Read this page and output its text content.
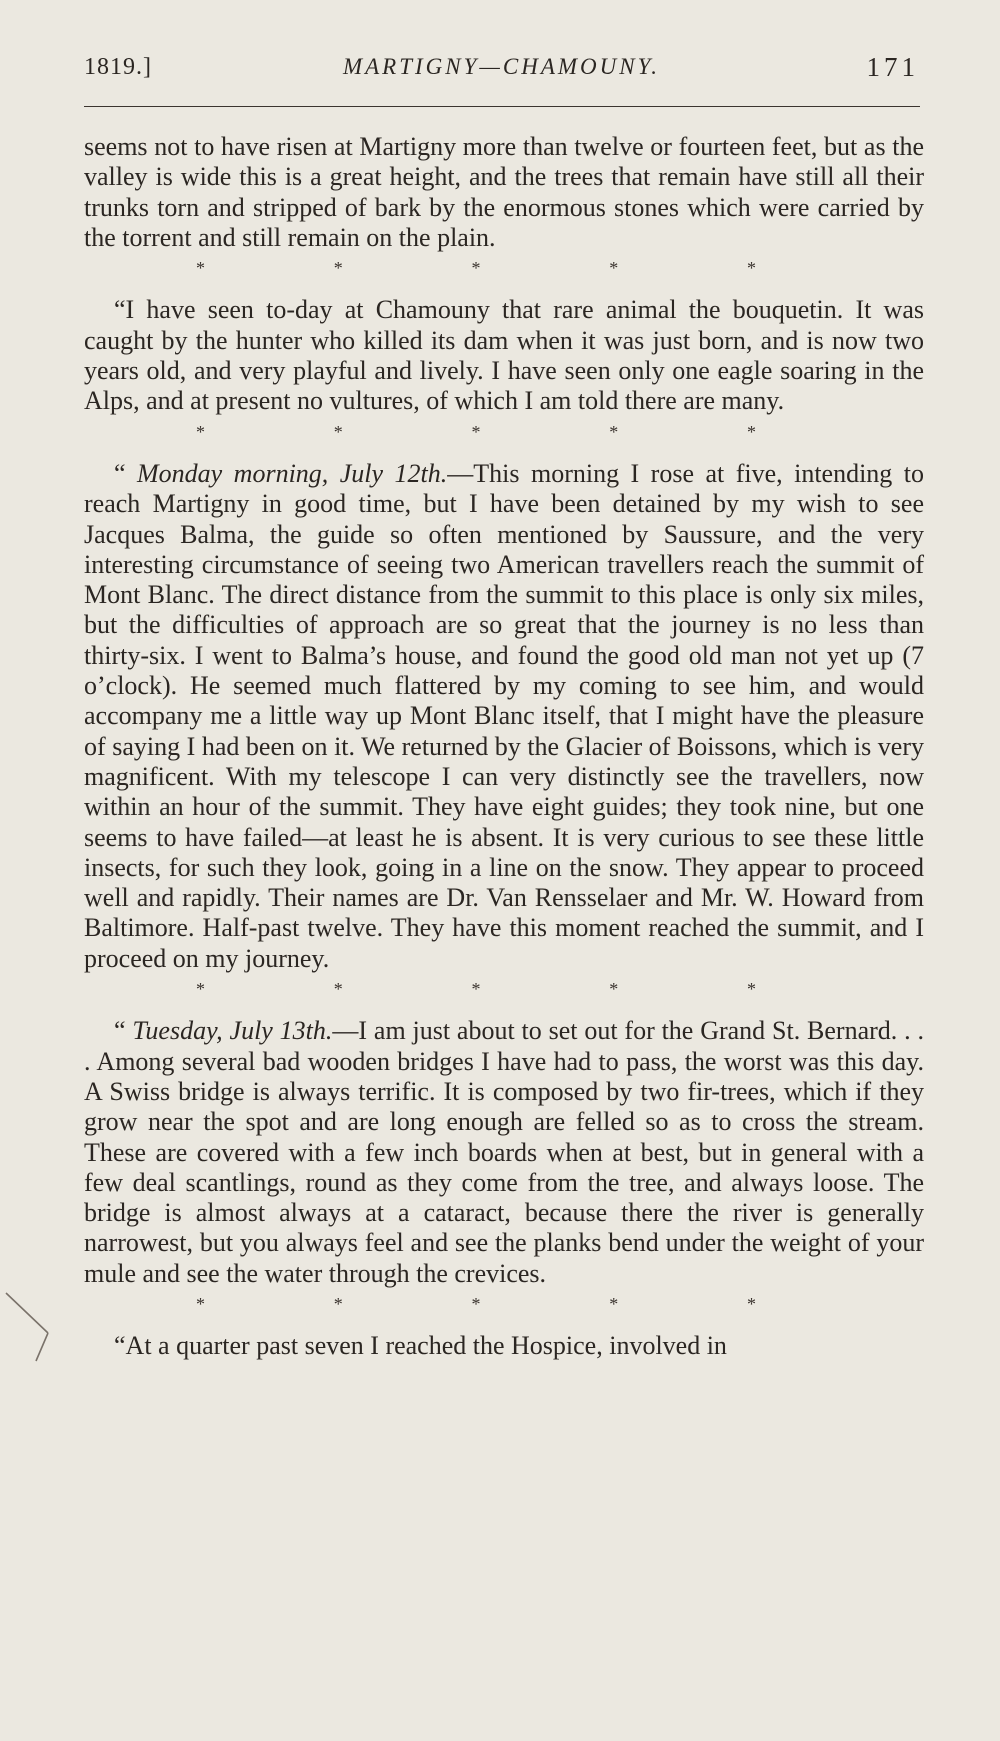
1819.]	MARTIGNY—CHAMOUNY.	171

seems not to have risen at Martigny more than twelve or fourteen feet, but as the valley is wide this is a great height, and the trees that remain have still all their trunks torn and stripped of bark by the enormous stones which were carried by the torrent and still remain on the plain.

*	*	*	*	*

“I have seen to-day at Chamouny that rare animal the bouquetin. It was caught by the hunter who killed its dam when it was just born, and is now two years old, and very playful and lively. I have seen only one eagle soaring in the Alps, and at present no vultures, of which I am told there are many.

*	*	*	*	*

“ Monday morning, July 12th.—This morning I rose at five, intending to reach Martigny in good time, but I have been detained by my wish to see Jacques Balma, the guide so often mentioned by Saussure, and the very interesting circumstance of seeing two American travellers reach the summit of Mont Blanc. The direct distance from the summit to this place is only six miles, but the difficulties of approach are so great that the journey is no less than thirty-six. I went to Balma’s house, and found the good old man not yet up (7 o’clock). He seemed much flattered by my coming to see him, and would accompany me a little way up Mont Blanc itself, that I might have the pleasure of saying I had been on it. We returned by the Glacier of Boissons, which is very magnificent. With my telescope I can very distinctly see the travellers, now within an hour of the summit. They have eight guides; they took nine, but one seems to have failed—at least he is absent. It is very curious to see these little insects, for such they look, going in a line on the snow. They appear to proceed well and rapidly. Their names are Dr. Van Rensselaer and Mr. W. Howard from Baltimore. Half-past twelve. They have this moment reached the summit, and I proceed on my journey.

*	*	*	*	*

“ Tuesday, July 13th.—I am just about to set out for the Grand St. Bernard. . . . Among several bad wooden bridges I have had to pass, the worst was this day. A Swiss bridge is always terrific. It is composed by two fir-trees, which if they grow near the spot and are long enough are felled so as to cross the stream. These are covered with a few inch boards when at best, but in general with a few deal scantlings, round as they come from the tree, and always loose. The bridge is almost always at a cataract, because there the river is generally narrowest, but you always feel and see the planks bend under the weight of your mule and see the water through the crevices.

*	*	*	*	*

“At a quarter past seven I reached the Hospice, involved in
